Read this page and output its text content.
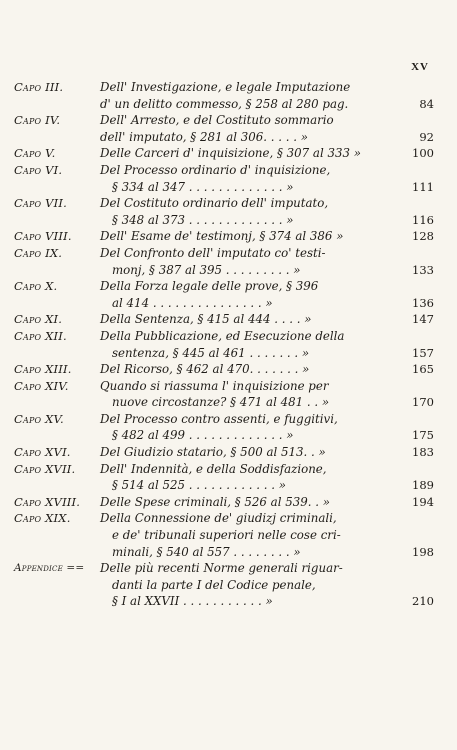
XV
Capo III.	Dell' Investigazione, e legale Imputazione
d' un delitto commesso, § 258 al 280 pag.	84
Capo IV.	Dell' Arresto, e del Costituto sommario
dell' imputato, § 281 al 306. . . . . »	92
Capo V.	Delle Carceri d' inquisizione, § 307 al 333 »	100
Capo VI.	Del Processo ordinario d' inquisizione,
§ 334 al 347 . . . . . . . . . . . . . »	111
Capo VII.	Del Costituto ordinario dell' imputato,
§ 348 al 373 . . . . . . . . . . . . . »	116
Capo VIII. Dell' Esame de' testimonj, § 374 al 386 »	128
Capo IX.	Del Confronto dell' imputato co' testi-
monj, § 387 al 395 . . . . . . . . . »	133
Capo X.	Della Forza legale delle prove, § 396
al 414 . . . . . . . . . . . . . . . »	136
Capo XI.	Della Sentenza, § 415 al 444 . . . . »	147
Capo XII.	Della Pubblicazione, ed Esecuzione della
sentenza, § 445 al 461 . . . . . . . »	157
Capo XIII. Del Ricorso, § 462 al 470. . . . . . . »	165
Capo XIV.	Quando si riassuma l' inquisizione per
nuove circostanze? § 471 al 481 . . »	170
Capo XV.	Del Processo contro assenti, e fuggitivi,
§ 482 al 499 . . . . . . . . . . . . . »	175
Capo XVI. Del Giudizio statario, § 500 al 513. . »	183
Capo XVII. Dell' Indennità, e della Soddisfazione,
§ 514 al 525 . . . . . . . . . . . . »	189
Capo XVIII. Delle Spese criminali, § 526 al 539. . »	194
Capo XIX. Della Connessione de' giudizj criminali,
e de' tribunali superiori nelle cose cri-
minali, § 540 al 557 . . . . . . . . »	198
Appendice == Delle più recenti Norme generali riguar-
danti la parte I del Codice penale,
§ I al XXVII . . . . . . . . . . . »	210
